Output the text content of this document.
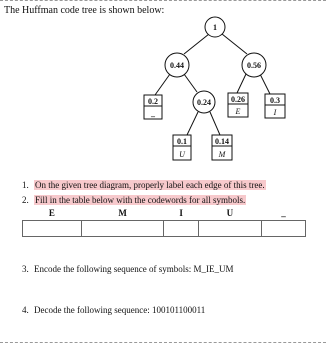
The Huffman code tree is shown below:
1
0.44	0.56
0.24
0.2
_
0.26
E
0.3
I
0.1
U
0.14
M
1. On the given tree diagram, properly label each edge of this tree.
2. Fill in the table below with the codewords for all symbols.
E	M	I	U	_

3. Encode the following sequence of symbols: M_IE_UM
4. Decode the following sequence: 100101100011
